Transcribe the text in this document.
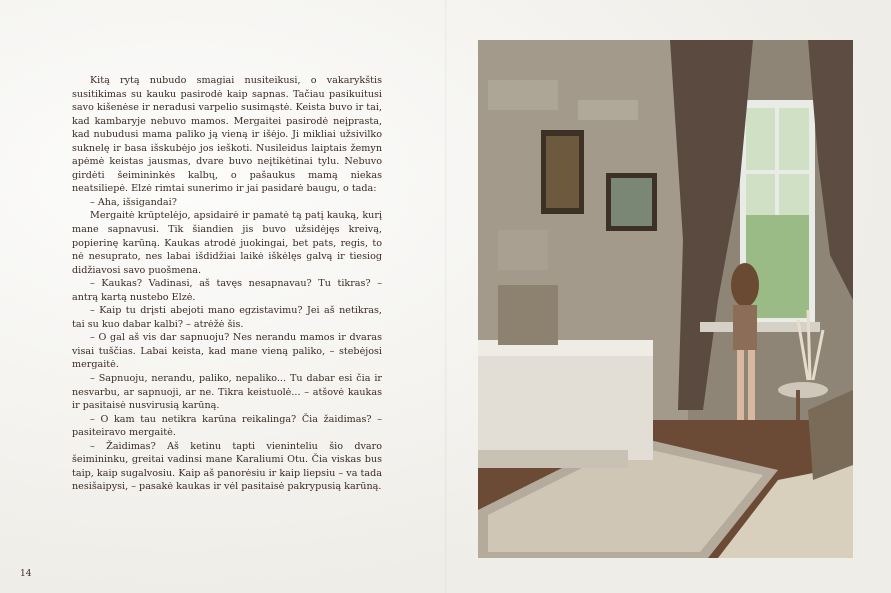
Kitą rytą nubudo smagiai nusiteikusi, o vakarykštis susitikimas su kauku pasirodė kaip sapnas. Tačiau pasikuitusi savo kišenėse ir neradusi varpelio susimąstė. Keista buvo ir tai, kad kambaryje nebuvo mamos. Mergaitei pasirodė neįprasta, kad nubudusi mama paliko ją vieną ir išėjo. Ji mikliai užsivilko suknelę ir basa išskubėjo jos ieškoti. Nusileidus laiptais žemyn apėmė keistas jausmas, dvare buvo neįtikėtinai tylu. Nebuvo girdėti šeimininkės kalbų, o pašaukus mamą niekas neatsiliepė. Elzė rimtai sunerimo ir jai pasidarė baugu, o tada:

– Aha, išsigandai?

Mergaitė krūptelėjo, apsidairė ir pamatė tą patį kauką, kurį mane sapnavusi. Tik šiandien jis buvo užsidėjęs kreivą, popierinę karūną. Kaukas atrodė juokingai, bet pats, regis, to nė nesuprato, nes labai išdidžiai laikė iškėlęs galvą ir tiesiog didžiavosi savo puošmena.

– Kaukas? Vadinasi, aš tavęs nesapnavau? Tu tikras? – antrą kartą nustebo Elzė.

– Kaip tu drįsti abejoti mano egzistavimu? Jei aš netikras, tai su kuo dabar kalbi? – atrėžė šis.

– O gal aš vis dar sapnuoju? Nes nerandu mamos ir dvaras visai tuščias. Labai keista, kad mane vieną paliko, – stebėjosi mergaitė.

– Sapnuoju, nerandu, paliko, nepaliko... Tu dabar esi čia ir nesvarbu, ar sapnuoji, ar ne. Tikra keistuolė... – atšovė kaukas ir pasitaisė nusvirusią karūną.

– O kam tau netikra karūna reikalinga? Čia žaidimas? – pasiteiravo mergaitė.

– Žaidimas? Aš ketinu tapti vieninteliu šio dvaro šeimininku, greitai vadinsi mane Karaliumi Otu. Čia viskas bus taip, kaip sugalvosiu. Kaip aš panorėsiu ir kaip liepsiu – va tada nesišaipysi, – pasakė kaukas ir vėl pasitaisė pakrypusią karūną.

14
